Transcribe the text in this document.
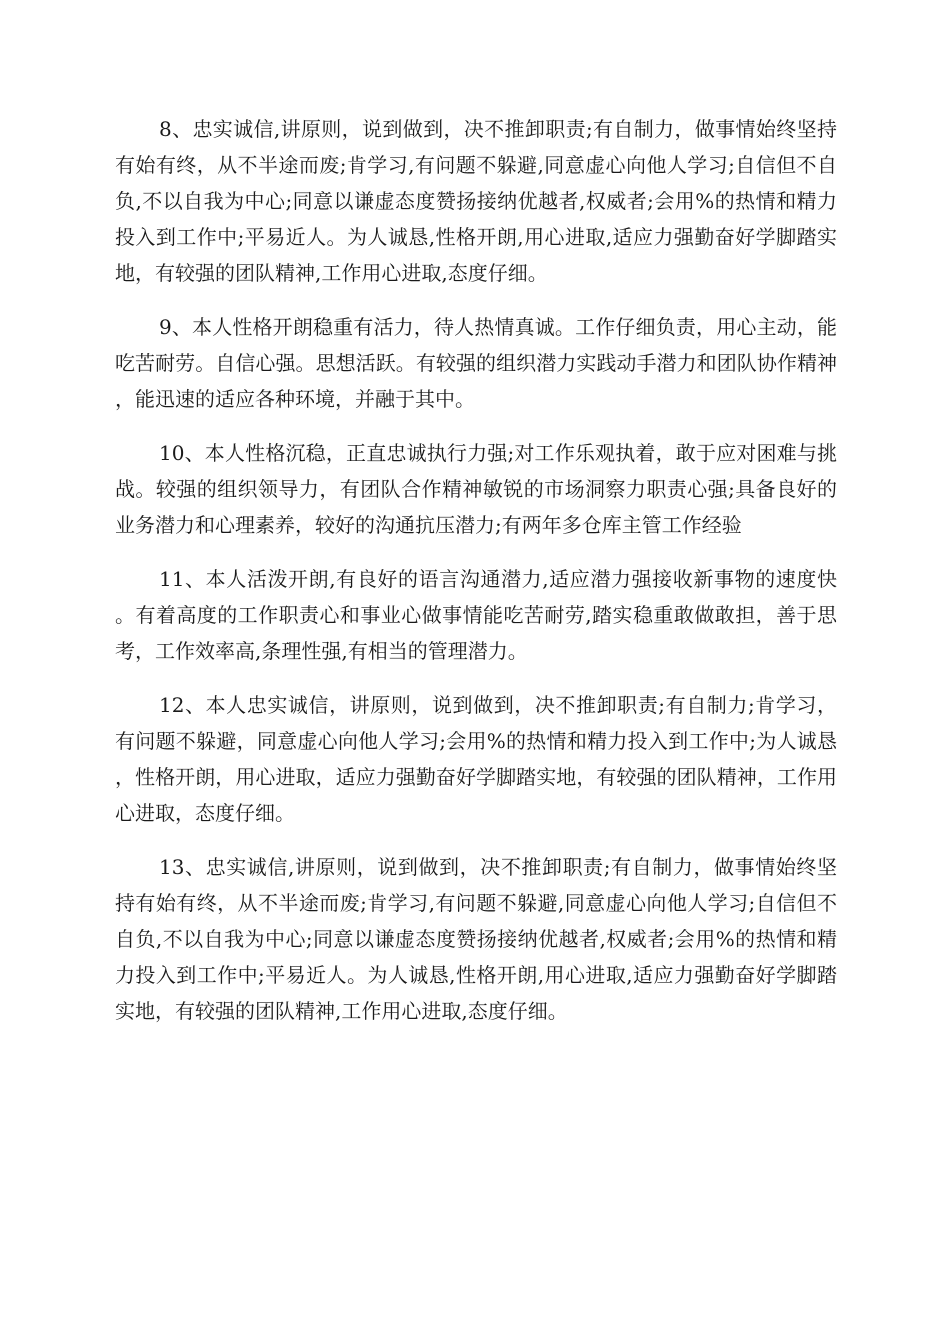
8、忠实诚信,讲原则，说到做到，决不推卸职责;有自制力，做事情始终坚持有始有终，从不半途而废;肯学习,有问题不躲避,同意虚心向他人学习;自信但不自负,不以自我为中心;同意以谦虚态度赞扬接纳优越者,权威者;会用%的热情和精力投入到工作中;平易近人。为人诚恳,性格开朗,用心进取,适应力强勤奋好学脚踏实地，有较强的团队精神,工作用心进取,态度仔细。

9、本人性格开朗稳重有活力，待人热情真诚。工作仔细负责，用心主动，能吃苦耐劳。自信心强。思想活跃。有较强的组织潜力实践动手潜力和团队协作精神，能迅速的适应各种环境，并融于其中。

10、本人性格沉稳，正直忠诚执行力强;对工作乐观执着，敢于应对困难与挑战。较强的组织领导力，有团队合作精神敏锐的市场洞察力职责心强;具备良好的业务潜力和心理素养，较好的沟通抗压潜力;有两年多仓库主管工作经验

11、本人活泼开朗,有良好的语言沟通潜力,适应潜力强接收新事物的速度快。有着高度的工作职责心和事业心做事情能吃苦耐劳,踏实稳重敢做敢担，善于思考，工作效率高,条理性强,有相当的管理潜力。

12、本人忠实诚信，讲原则，说到做到，决不推卸职责;有自制力;肯学习，有问题不躲避，同意虚心向他人学习;会用%的热情和精力投入到工作中;为人诚恳，性格开朗，用心进取，适应力强勤奋好学脚踏实地，有较强的团队精神，工作用心进取，态度仔细。

13、忠实诚信,讲原则，说到做到，决不推卸职责;有自制力，做事情始终坚持有始有终，从不半途而废;肯学习,有问题不躲避,同意虚心向他人学习;自信但不自负,不以自我为中心;同意以谦虚态度赞扬接纳优越者,权威者;会用%的热情和精力投入到工作中;平易近人。为人诚恳,性格开朗,用心进取,适应力强勤奋好学脚踏实地，有较强的团队精神,工作用心进取,态度仔细。
